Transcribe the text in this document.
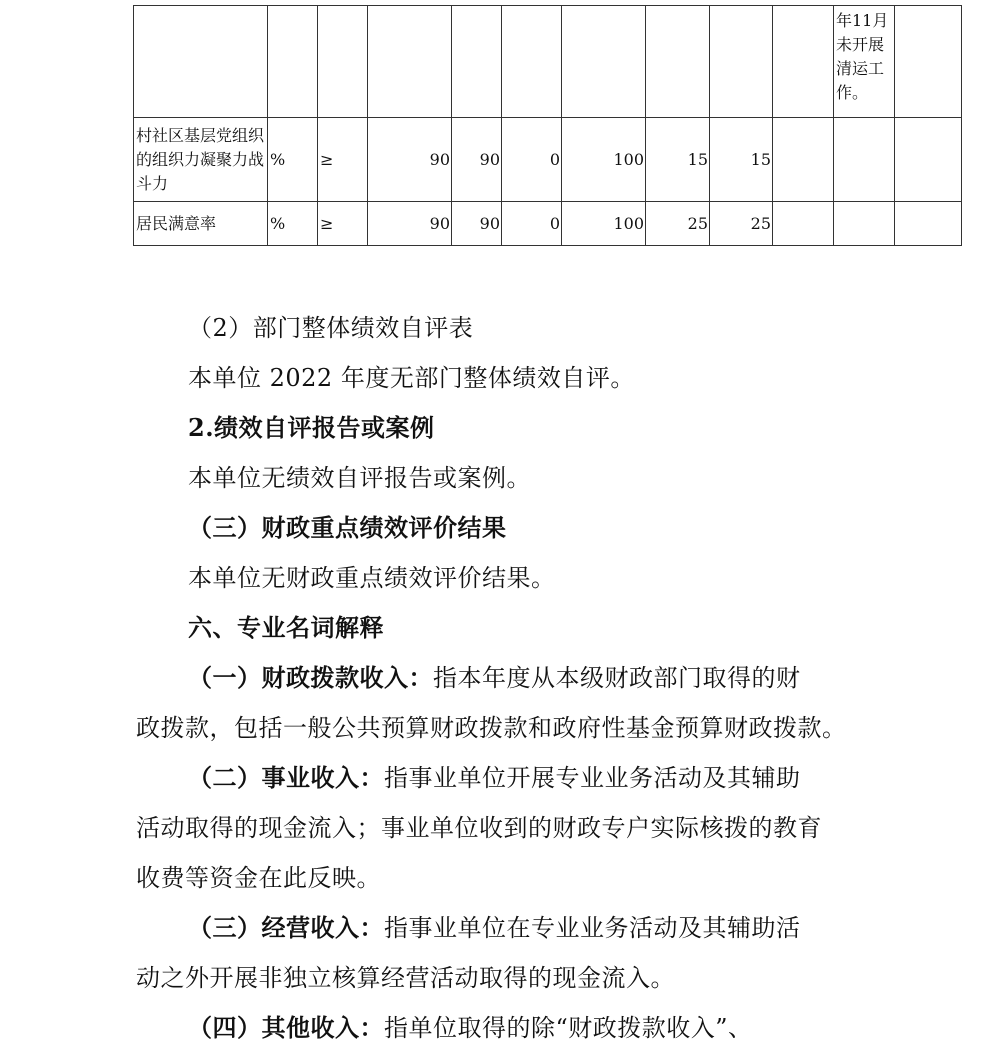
										年11月未开展清运工作。	

村社区基层党组织的组织力凝聚力战斗力	%	≥	90	90	0	100	15	15			

居民满意率	%	≥	90	90	0	100	25	25			
（2）部门整体绩效自评表
本单位 2022 年度无部门整体绩效自评。
2.绩效自评报告或案例
本单位无绩效自评报告或案例。
（三）财政重点绩效评价结果
本单位无财政重点绩效评价结果。
六、专业名词解释
（一）财政拨款收入：指本年度从本级财政部门取得的财
政拨款，包括一般公共预算财政拨款和政府性基金预算财政拨款。
（二）事业收入：指事业单位开展专业业务活动及其辅助
活动取得的现金流入；事业单位收到的财政专户实际核拨的教育
收费等资金在此反映。
（三）经营收入：指事业单位在专业业务活动及其辅助活
动之外开展非独立核算经营活动取得的现金流入。
（四）其他收入：指单位取得的除“财政拨款收入”、
